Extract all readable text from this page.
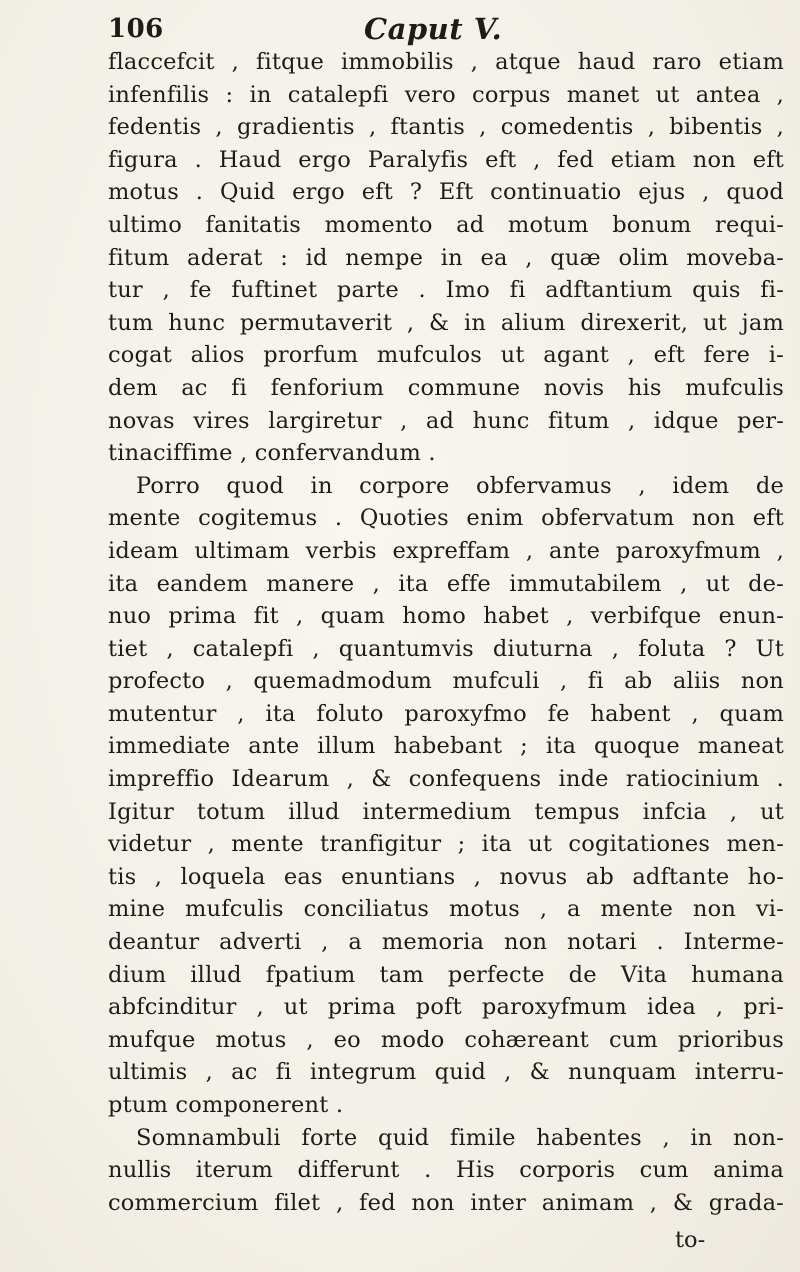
106	Caput V.
flaccefcit , fitque immobilis , atque haud raro etiam
infenfilis : in catalepfi vero corpus manet ut antea ,
fedentis , gradientis , ftantis , comedentis , bibentis ,
figura . Haud ergo Paralyfis eft , fed etiam non eft
motus . Quid ergo eft ? Eft continuatio ejus , quod
ultimo fanitatis momento ad motum bonum requi-
fitum aderat : id nempe in ea , quæ olim moveba-
tur , fe fuftinet parte . Imo fi adftantium quis fi-
tum hunc permutaverit , & in alium direxerit, ut jam
cogat alios prorfum mufculos ut agant , eft fere i-
dem ac fi fenforium commune novis his mufculis
novas vires largiretur , ad hunc fitum , idque per-
tinaciffime , confervandum .
Porro quod in corpore obfervamus , idem de
mente cogitemus . Quoties enim obfervatum non eft
ideam ultimam verbis expreffam , ante paroxyfmum ,
ita eandem manere , ita effe immutabilem , ut de-
nuo prima fit , quam homo habet , verbifque enun-
tiet , catalepfi , quantumvis diuturna , foluta ? Ut
profecto , quemadmodum mufculi , fi ab aliis non
mutentur , ita foluto paroxyfmo fe habent , quam
immediate ante illum habebant ; ita quoque maneat
impreffio Idearum , & confequens inde ratiocinium .
Igitur totum illud intermedium tempus infcia , ut
videtur , mente tranfigitur ; ita ut cogitationes men-
tis , loquela eas enuntians , novus ab adftante ho-
mine mufculis conciliatus motus , a mente non vi-
deantur adverti , a memoria non notari . Interme-
dium illud fpatium tam perfecte de Vita humana
abfcinditur , ut prima poft paroxyfmum idea , pri-
mufque motus , eo modo cohæreant cum prioribus
ultimis , ac fi integrum quid , & nunquam interru-
ptum componerent .
Somnambuli forte quid fimile habentes , in non-
nullis iterum differunt . His corporis cum anima
commercium filet , fed non inter animam , & grada-
to-
